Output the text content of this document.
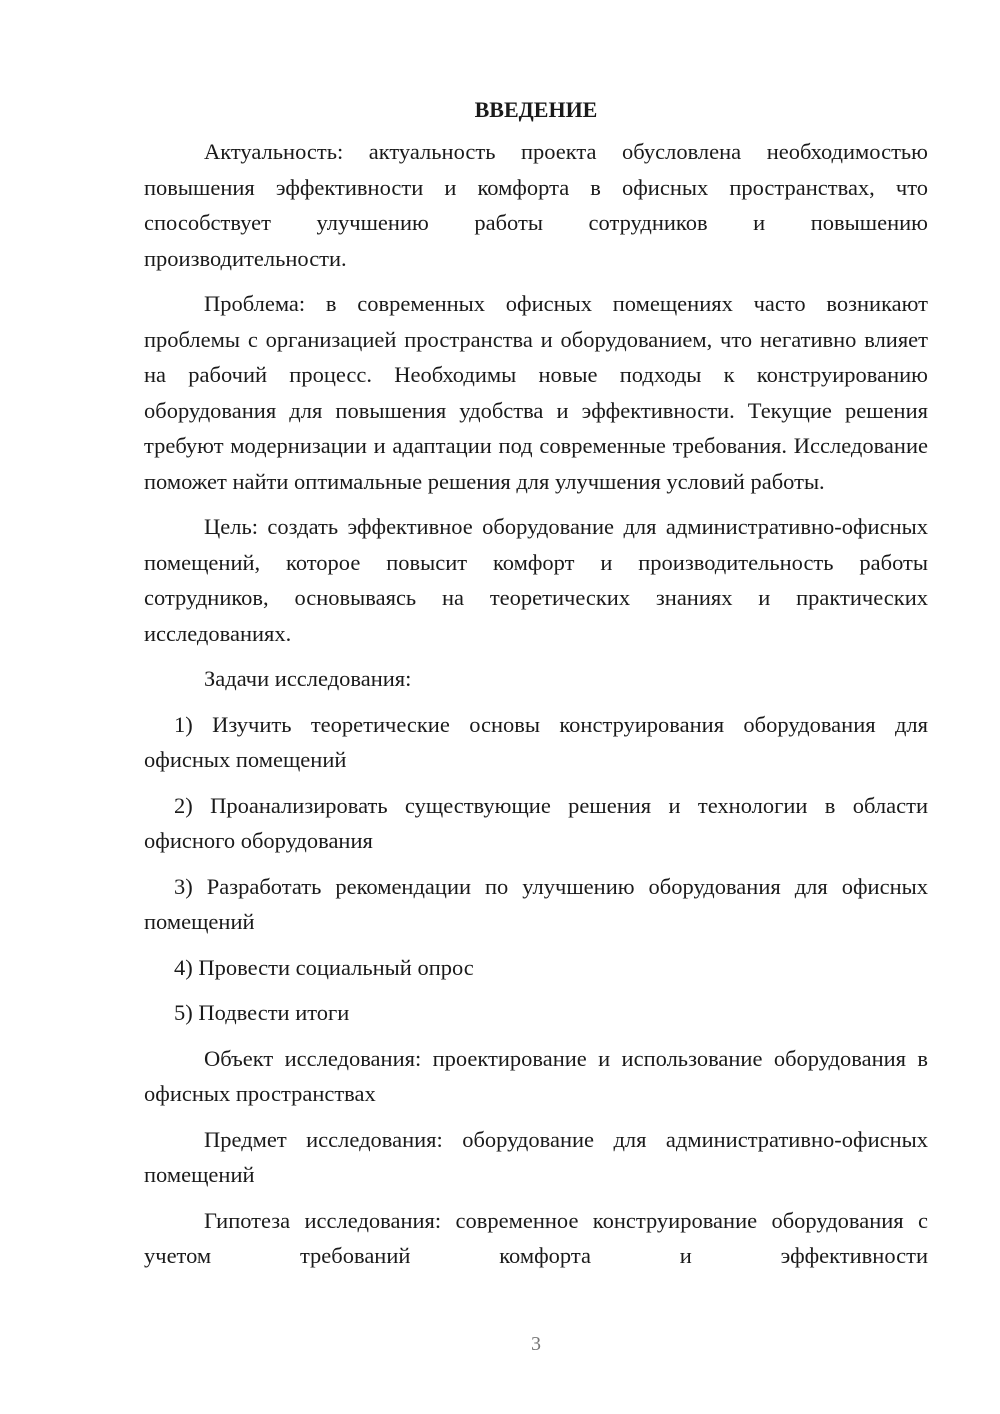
ВВЕДЕНИЕ

Актуальность: актуальность проекта обусловлена необходимостью повышения эффективности и комфорта в офисных пространствах, что способствует улучшению работы сотрудников и повышению производительности.

Проблема: в современных офисных помещениях часто возникают проблемы с организацией пространства и оборудованием, что негативно влияет на рабочий процесс. Необходимы новые подходы к конструированию оборудования для повышения удобства и эффективности. Текущие решения требуют модернизации и адаптации под современные требования. Исследование поможет найти оптимальные решения для улучшения условий работы.

Цель: создать эффективное оборудование для административно-офисных помещений, которое повысит комфорт и производительность работы сотрудников, основываясь на теоретических знаниях и практических исследованиях.

Задачи исследования:

1) Изучить теоретические основы конструирования оборудования для офисных помещений

2) Проанализировать существующие решения и технологии в области офисного оборудования

3) Разработать рекомендации по улучшению оборудования для офисных помещений

4) Провести социальный опрос

5) Подвести итоги

Объект исследования: проектирование и использование оборудования в офисных пространствах

Предмет исследования: оборудование для административно-офисных помещений

Гипотеза исследования: современное конструирование оборудования с учетом требований комфорта и эффективности

3
